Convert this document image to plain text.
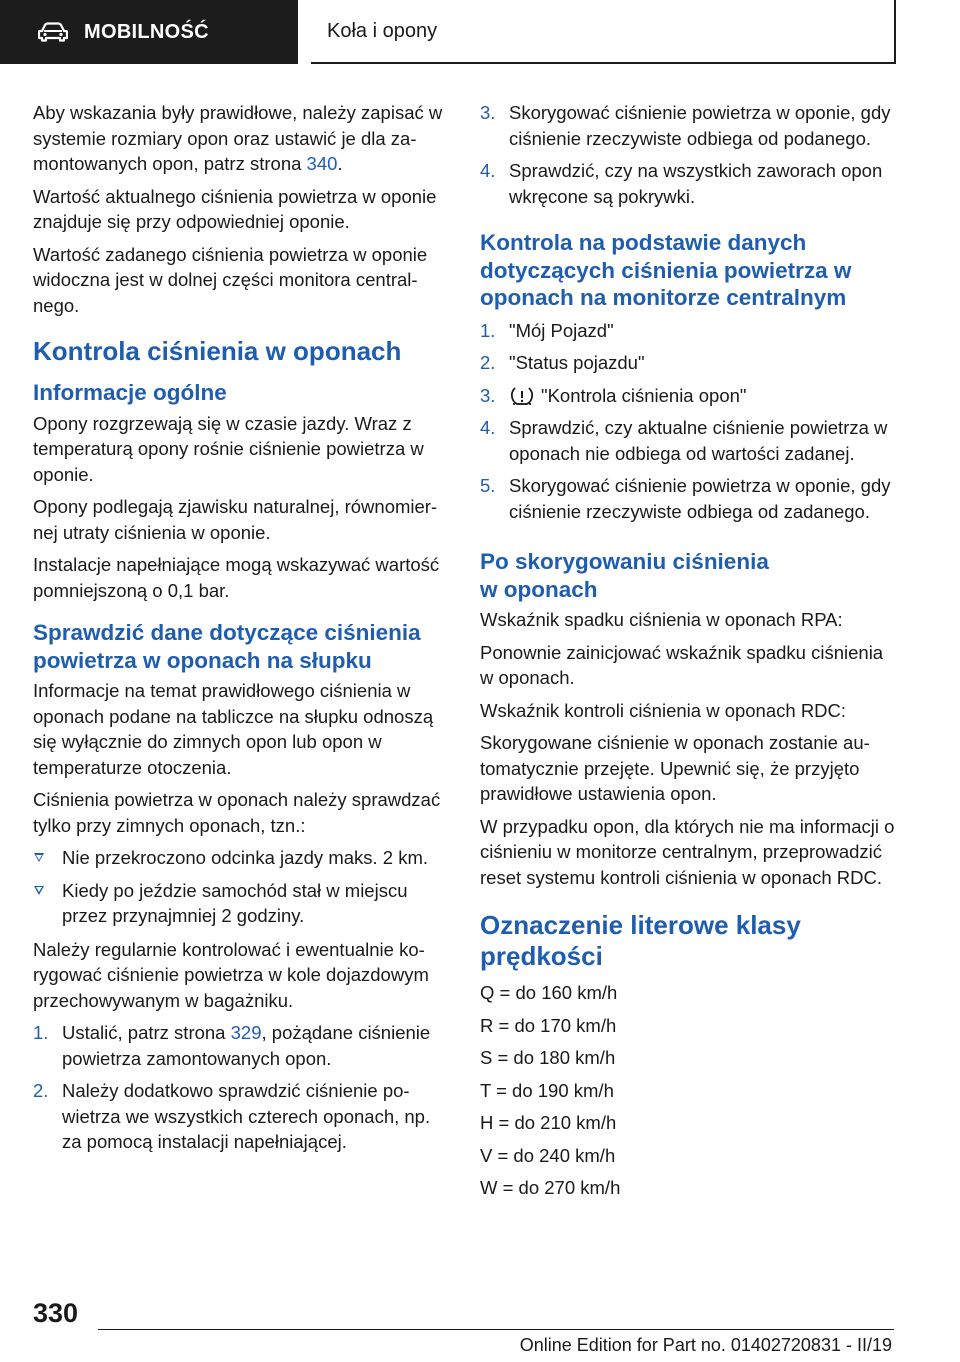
MOBILNOŚĆ	Koła i opony

Aby wskazania były prawidłowe, należy zapisać w systemie rozmiary opon oraz ustawić je dla zamontowanych opon, patrz strona 340.

Wartość aktualnego ciśnienia powietrza w oponie znajduje się przy odpowiedniej oponie.

Wartość zadanego ciśnienia powietrza w oponie widoczna jest w dolnej części monitora centralnego.

Kontrola ciśnienia w oponach
Informacje ogólne

Opony rozgrzewają się w czasie jazdy. Wraz z temperaturą opony rośnie ciśnienie powietrza w oponie.

Opony podlegają zjawisku naturalnej, równomiernej utraty ciśnienia w oponie.

Instalacje napełniające mogą wskazywać wartość pomniejszoną o 0,1 bar.

Sprawdzić dane dotyczące ciśnienia powietrza w oponach na słupku

Informacje na temat prawidłowego ciśnienia w oponach podane na tabliczce na słupku odnoszą się wyłącznie do zimnych opon lub opon w temperaturze otoczenia.

Ciśnienia powietrza w oponach należy sprawdzać tylko przy zimnych oponach, tzn.:

Nie przekroczono odcinka jazdy maks. 2 km.
Kiedy po jeździe samochód stał w miejscu przez przynajmniej 2 godziny.

Należy regularnie kontrolować i ewentualnie korygować ciśnienie powietrza w kole dojazdowym przechowywanym w bagażniku.

1. Ustalić, patrz strona 329, pożądane ciśnienie powietrza zamontowanych opon.
2. Należy dodatkowo sprawdzić ciśnienie powietrza we wszystkich czterech oponach, np. za pomocą instalacji napełniającej.
3. Skorygować ciśnienie powietrza w oponie, gdy ciśnienie rzeczywiste odbiega od podanego.
4. Sprawdzić, czy na wszystkich zaworach opon wkręcone są pokrywki.
Kontrola na podstawie danych dotyczących ciśnienia powietrza w oponach na monitorze centralnym
1. "Mój Pojazd"
2. "Status pojazdu"
3. "Kontrola ciśnienia opon"
4. Sprawdzić, czy aktualne ciśnienie powietrza w oponach nie odbiega od wartości zadanej.
5. Skorygować ciśnienie powietrza w oponie, gdy ciśnienie rzeczywiste odbiega od zadanego.
Po skorygowaniu ciśnienia
w oponach

Wskaźnik spadku ciśnienia w oponach RPA:

Ponownie zainicjować wskaźnik spadku ciśnienia w oponach.

Wskaźnik kontroli ciśnienia w oponach RDC:

Skorygowane ciśnienie w oponach zostanie automatycznie przejęte. Upewnić się, że przyjęto prawidłowe ustawienia opon.

W przypadku opon, dla których nie ma informacji o ciśnieniu w monitorze centralnym, przeprowadzić reset systemu kontroli ciśnienia w oponach RDC.

Oznaczenie literowe klasy prędkości

Q = do 160 km/h

R = do 170 km/h

S = do 180 km/h

T = do 190 km/h

H = do 210 km/h

V = do 240 km/h

W = do 270 km/h

330
Online Edition for Part no. 01402720831 - II/19
